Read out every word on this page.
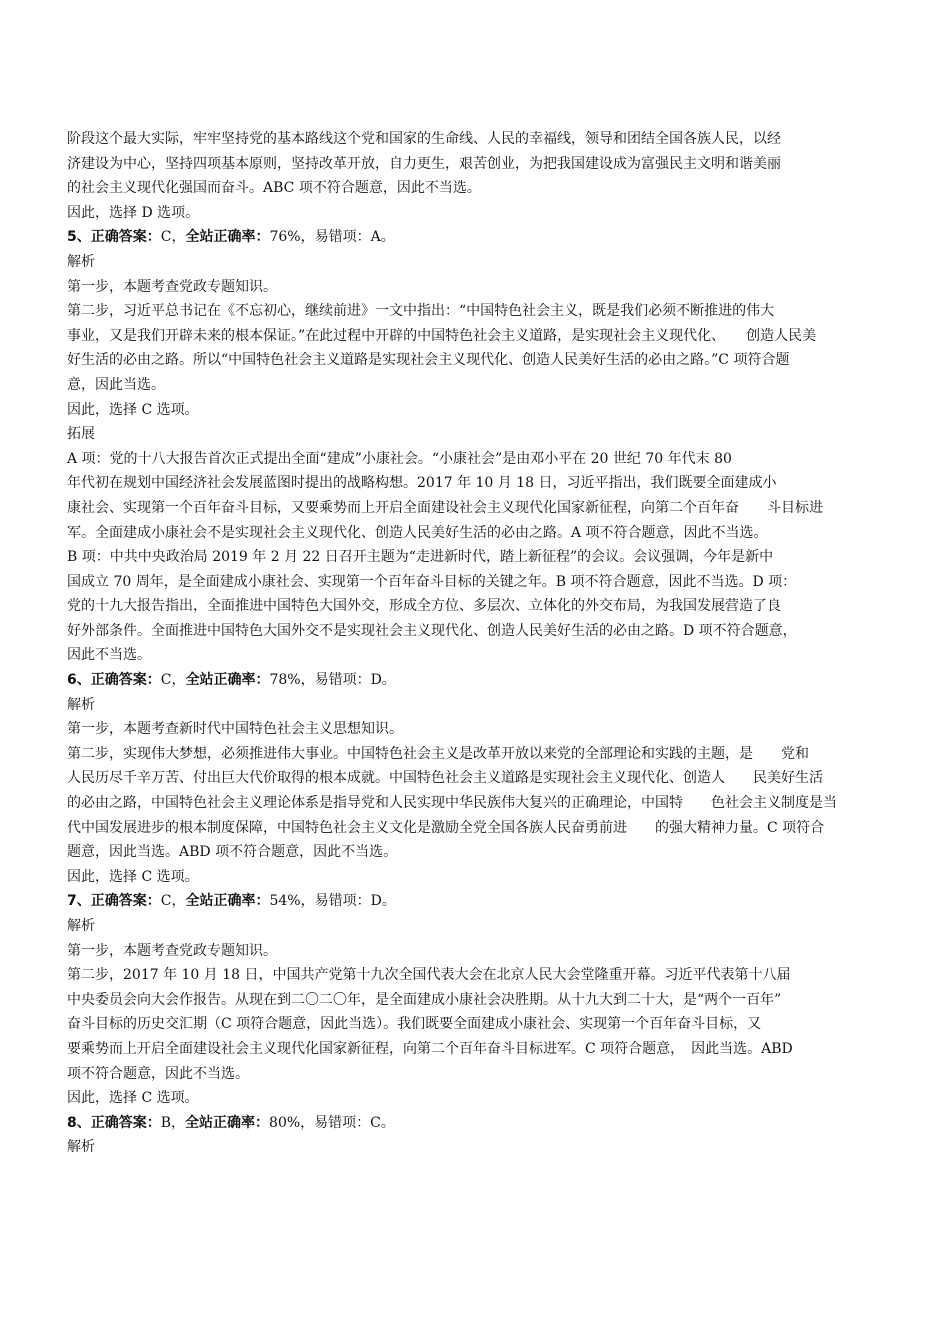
阶段这个最大实际，牢牢坚持党的基本路线这个党和国家的生命线、人民的幸福线，领导和团结全国各族人民，以经
济建设为中心，坚持四项基本原则，坚持改革开放，自力更生，艰苦创业，为把我国建设成为富强民主文明和谐美丽
的社会主义现代化强国而奋斗。ABC 项不符合题意，因此不当选。
因此，选择 D 选项。
5、正确答案：C，全站正确率：76%，易错项：A。
解析
第一步，本题考查党政专题知识。
第二步，习近平总书记在《不忘初心，继续前进》一文中指出：“中国特色社会主义，既是我们必须不断推进的伟大
事业，又是我们开辟未来的根本保证。”在此过程中开辟的中国特色社会主义道路，是实现社会主义现代化、　　创造人民美
好生活的必由之路。所以“中国特色社会主义道路是实现社会主义现代化、创造人民美好生活的必由之路。”C 项符合题
意，因此当选。
因此，选择 C 选项。
拓展
A 项：党的十八大报告首次正式提出全面“建成”小康社会。“小康社会”是由邓小平在 20 世纪 70 年代末 80
年代初在规划中国经济社会发展蓝图时提出的战略构想。2017 年 10 月 18 日，习近平指出，我们既要全面建成小
康社会、实现第一个百年奋斗目标，又要乘势而上开启全面建设社会主义现代化国家新征程，向第二个百年奋　　斗目标进
军。全面建成小康社会不是实现社会主义现代化、创造人民美好生活的必由之路。A 项不符合题意，因此不当选。
B 项：中共中央政治局 2019 年 2 月 22 日召开主题为“走进新时代，踏上新征程”的会议。会议强调，今年是新中
国成立 70 周年，是全面建成小康社会、实现第一个百年奋斗目标的关键之年。B 项不符合题意，因此不当选。D 项：
党的十九大报告指出，全面推进中国特色大国外交，形成全方位、多层次、立体化的外交布局，为我国发展营造了良
好外部条件。全面推进中国特色大国外交不是实现社会主义现代化、创造人民美好生活的必由之路。D 项不符合题意，
因此不当选。
6、正确答案：C，全站正确率：78%，易错项：D。
解析
第一步，本题考查新时代中国特色社会主义思想知识。
第二步，实现伟大梦想，必须推进伟大事业。中国特色社会主义是改革开放以来党的全部理论和实践的主题，是　　党和
人民历尽千辛万苦、付出巨大代价取得的根本成就。中国特色社会主义道路是实现社会主义现代化、创造人　　民美好生活
的必由之路，中国特色社会主义理论体系是指导党和人民实现中华民族伟大复兴的正确理论，中国特　　色社会主义制度是当
代中国发展进步的根本制度保障，中国特色社会主义文化是激励全党全国各族人民奋勇前进　　的强大精神力量。C 项符合
题意，因此当选。ABD 项不符合题意，因此不当选。
因此，选择 C 选项。
7、正确答案：C，全站正确率：54%，易错项：D。
解析
第一步，本题考查党政专题知识。
第二步，2017 年 10 月 18 日，中国共产党第十九次全国代表大会在北京人民大会堂隆重开幕。习近平代表第十八届
中央委员会向大会作报告。从现在到二〇二〇年，是全面建成小康社会决胜期。从十九大到二十大，是“两个一百年”
奋斗目标的历史交汇期（C 项符合题意，因此当选）。我们既要全面建成小康社会、实现第一个百年奋斗目标，又
要乘势而上开启全面建设社会主义现代化国家新征程，向第二个百年奋斗目标进军。C 项符合题意，　因此当选。ABD
项不符合题意，因此不当选。
因此，选择 C 选项。
8、正确答案：B，全站正确率：80%，易错项：C。
解析
